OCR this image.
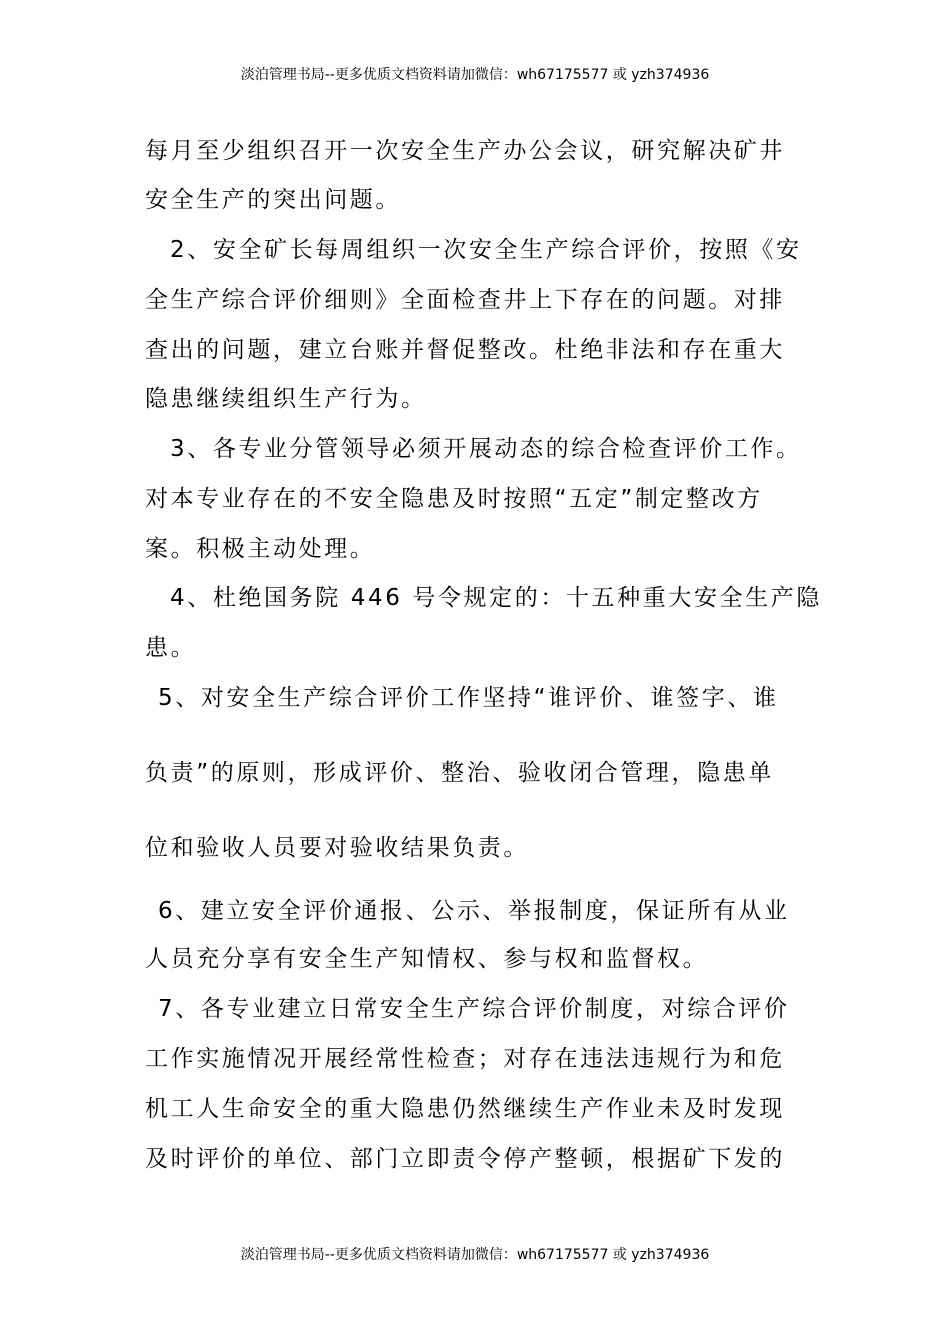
淡泊管理书局--更多优质文档资料请加微信：wh67175577 或 yzh374936
每月至少组织召开一次安全生产办公会议，研究解决矿井
安全生产的突出问题。
2、安全矿长每周组织一次安全生产综合评价，按照《安
全生产综合评价细则》全面检查井上下存在的问题。对排
查出的问题，建立台账并督促整改。杜绝非法和存在重大
隐患继续组织生产行为。
3、各专业分管领导必须开展动态的综合检查评价工作。
对本专业存在的不安全隐患及时按照“五定”制定整改方
案。积极主动处理。
4、杜绝国务院 446 号令规定的：十五种重大安全生产隐
患。
5、对安全生产综合评价工作坚持“谁评价、谁签字、谁
负责”的原则，形成评价、整治、验收闭合管理，隐患单
位和验收人员要对验收结果负责。
6、建立安全评价通报、公示、举报制度，保证所有从业
人员充分享有安全生产知情权、参与权和监督权。
7、各专业建立日常安全生产综合评价制度，对综合评价
工作实施情况开展经常性检查；对存在违法违规行为和危
机工人生命安全的重大隐患仍然继续生产作业未及时发现
及时评价的单位、部门立即责令停产整顿，根据矿下发的
淡泊管理书局--更多优质文档资料请加微信：wh67175577 或 yzh374936
